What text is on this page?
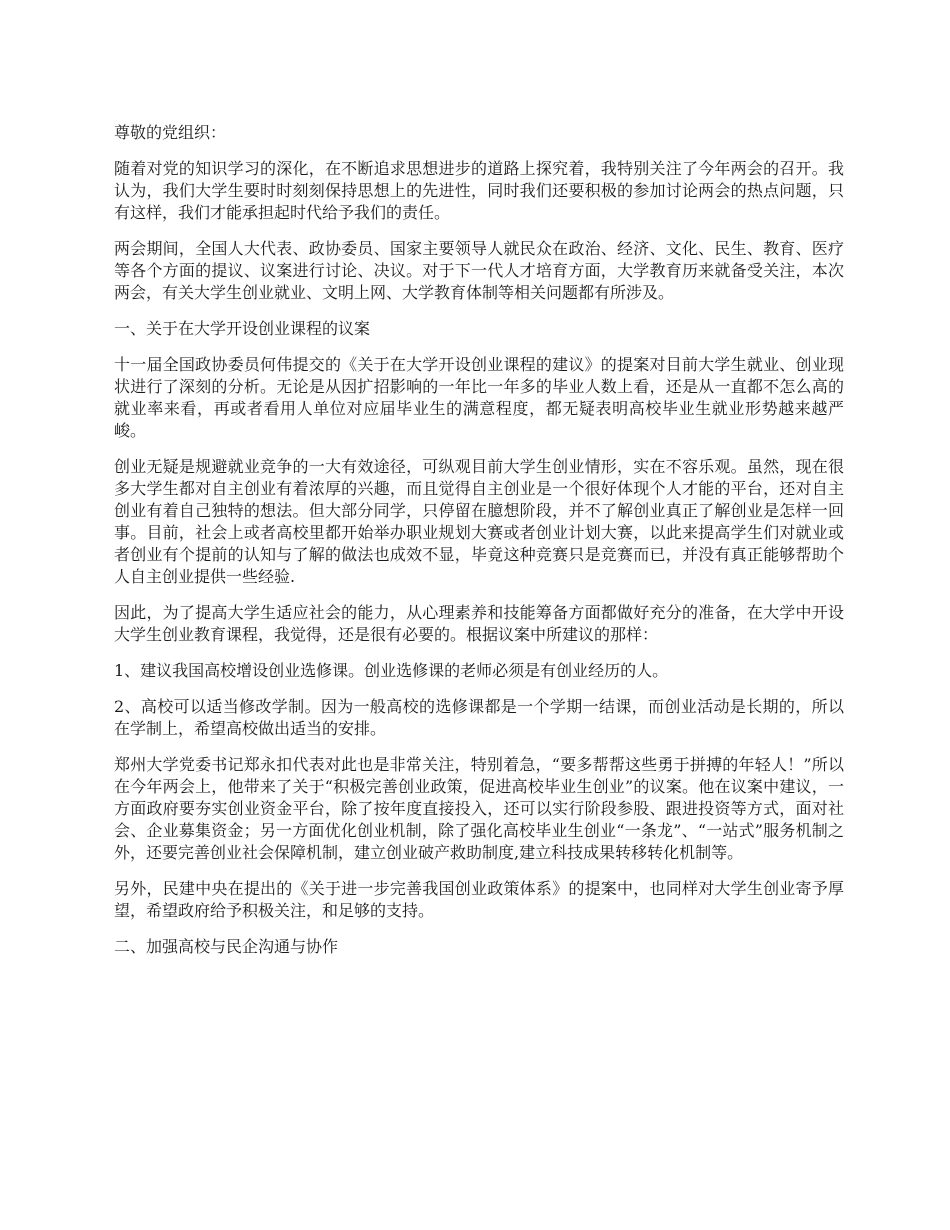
尊敬的党组织：

随着对党的知识学习的深化，在不断追求思想进步的道路上探究着，我特别关注了今年两会的召开。我认为，我们大学生要时时刻刻保持思想上的先进性，同时我们还要积极的参加讨论两会的热点问题，只有这样，我们才能承担起时代给予我们的责任。

两会期间，全国人大代表、政协委员、国家主要领导人就民众在政治、经济、文化、民生、教育、医疗等各个方面的提议、议案进行讨论、决议。对于下一代人才培育方面，大学教育历来就备受关注，本次两会，有关大学生创业就业、文明上网、大学教育体制等相关问题都有所涉及。

一、关于在大学开设创业课程的议案

十一届全国政协委员何伟提交的《关于在大学开设创业课程的建议》的提案对目前大学生就业、创业现状进行了深刻的分析。无论是从因扩招影响的一年比一年多的毕业人数上看，还是从一直都不怎么高的就业率来看，再或者看用人单位对应届毕业生的满意程度，都无疑表明高校毕业生就业形势越来越严峻。

创业无疑是规避就业竞争的一大有效途径，可纵观目前大学生创业情形，实在不容乐观。虽然，现在很多大学生都对自主创业有着浓厚的兴趣，而且觉得自主创业是一个很好体现个人才能的平台，还对自主创业有着自己独特的想法。但大部分同学，只停留在臆想阶段，并不了解创业真正了解创业是怎样一回事。目前，社会上或者高校里都开始举办职业规划大赛或者创业计划大赛，以此来提高学生们对就业或者创业有个提前的认知与了解的做法也成效不显，毕竟这种竞赛只是竞赛而已，并没有真正能够帮助个人自主创业提供一些经验.

因此，为了提高大学生适应社会的能力，从心理素养和技能筹备方面都做好充分的准备，在大学中开设大学生创业教育课程，我觉得，还是很有必要的。根据议案中所建议的那样：

1、建议我国高校增设创业选修课。创业选修课的老师必须是有创业经历的人。

2、高校可以适当修改学制。因为一般高校的选修课都是一个学期一结课，而创业活动是长期的，所以在学制上，希望高校做出适当的安排。

郑州大学党委书记郑永扣代表对此也是非常关注，特别着急，“要多帮帮这些勇于拼搏的年轻人！”所以在今年两会上，他带来了关于“积极完善创业政策，促进高校毕业生创业”的议案。他在议案中建议，一方面政府要夯实创业资金平台，除了按年度直接投入，还可以实行阶段参股、跟进投资等方式，面对社会、企业募集资金；另一方面优化创业机制，除了强化高校毕业生创业“一条龙”、“一站式”服务机制之外，还要完善创业社会保障机制，建立创业破产救助制度,建立科技成果转移转化机制等。

另外，民建中央在提出的《关于进一步完善我国创业政策体系》的提案中，也同样对大学生创业寄予厚望，希望政府给予积极关注，和足够的支持。

二、加强高校与民企沟通与协作
